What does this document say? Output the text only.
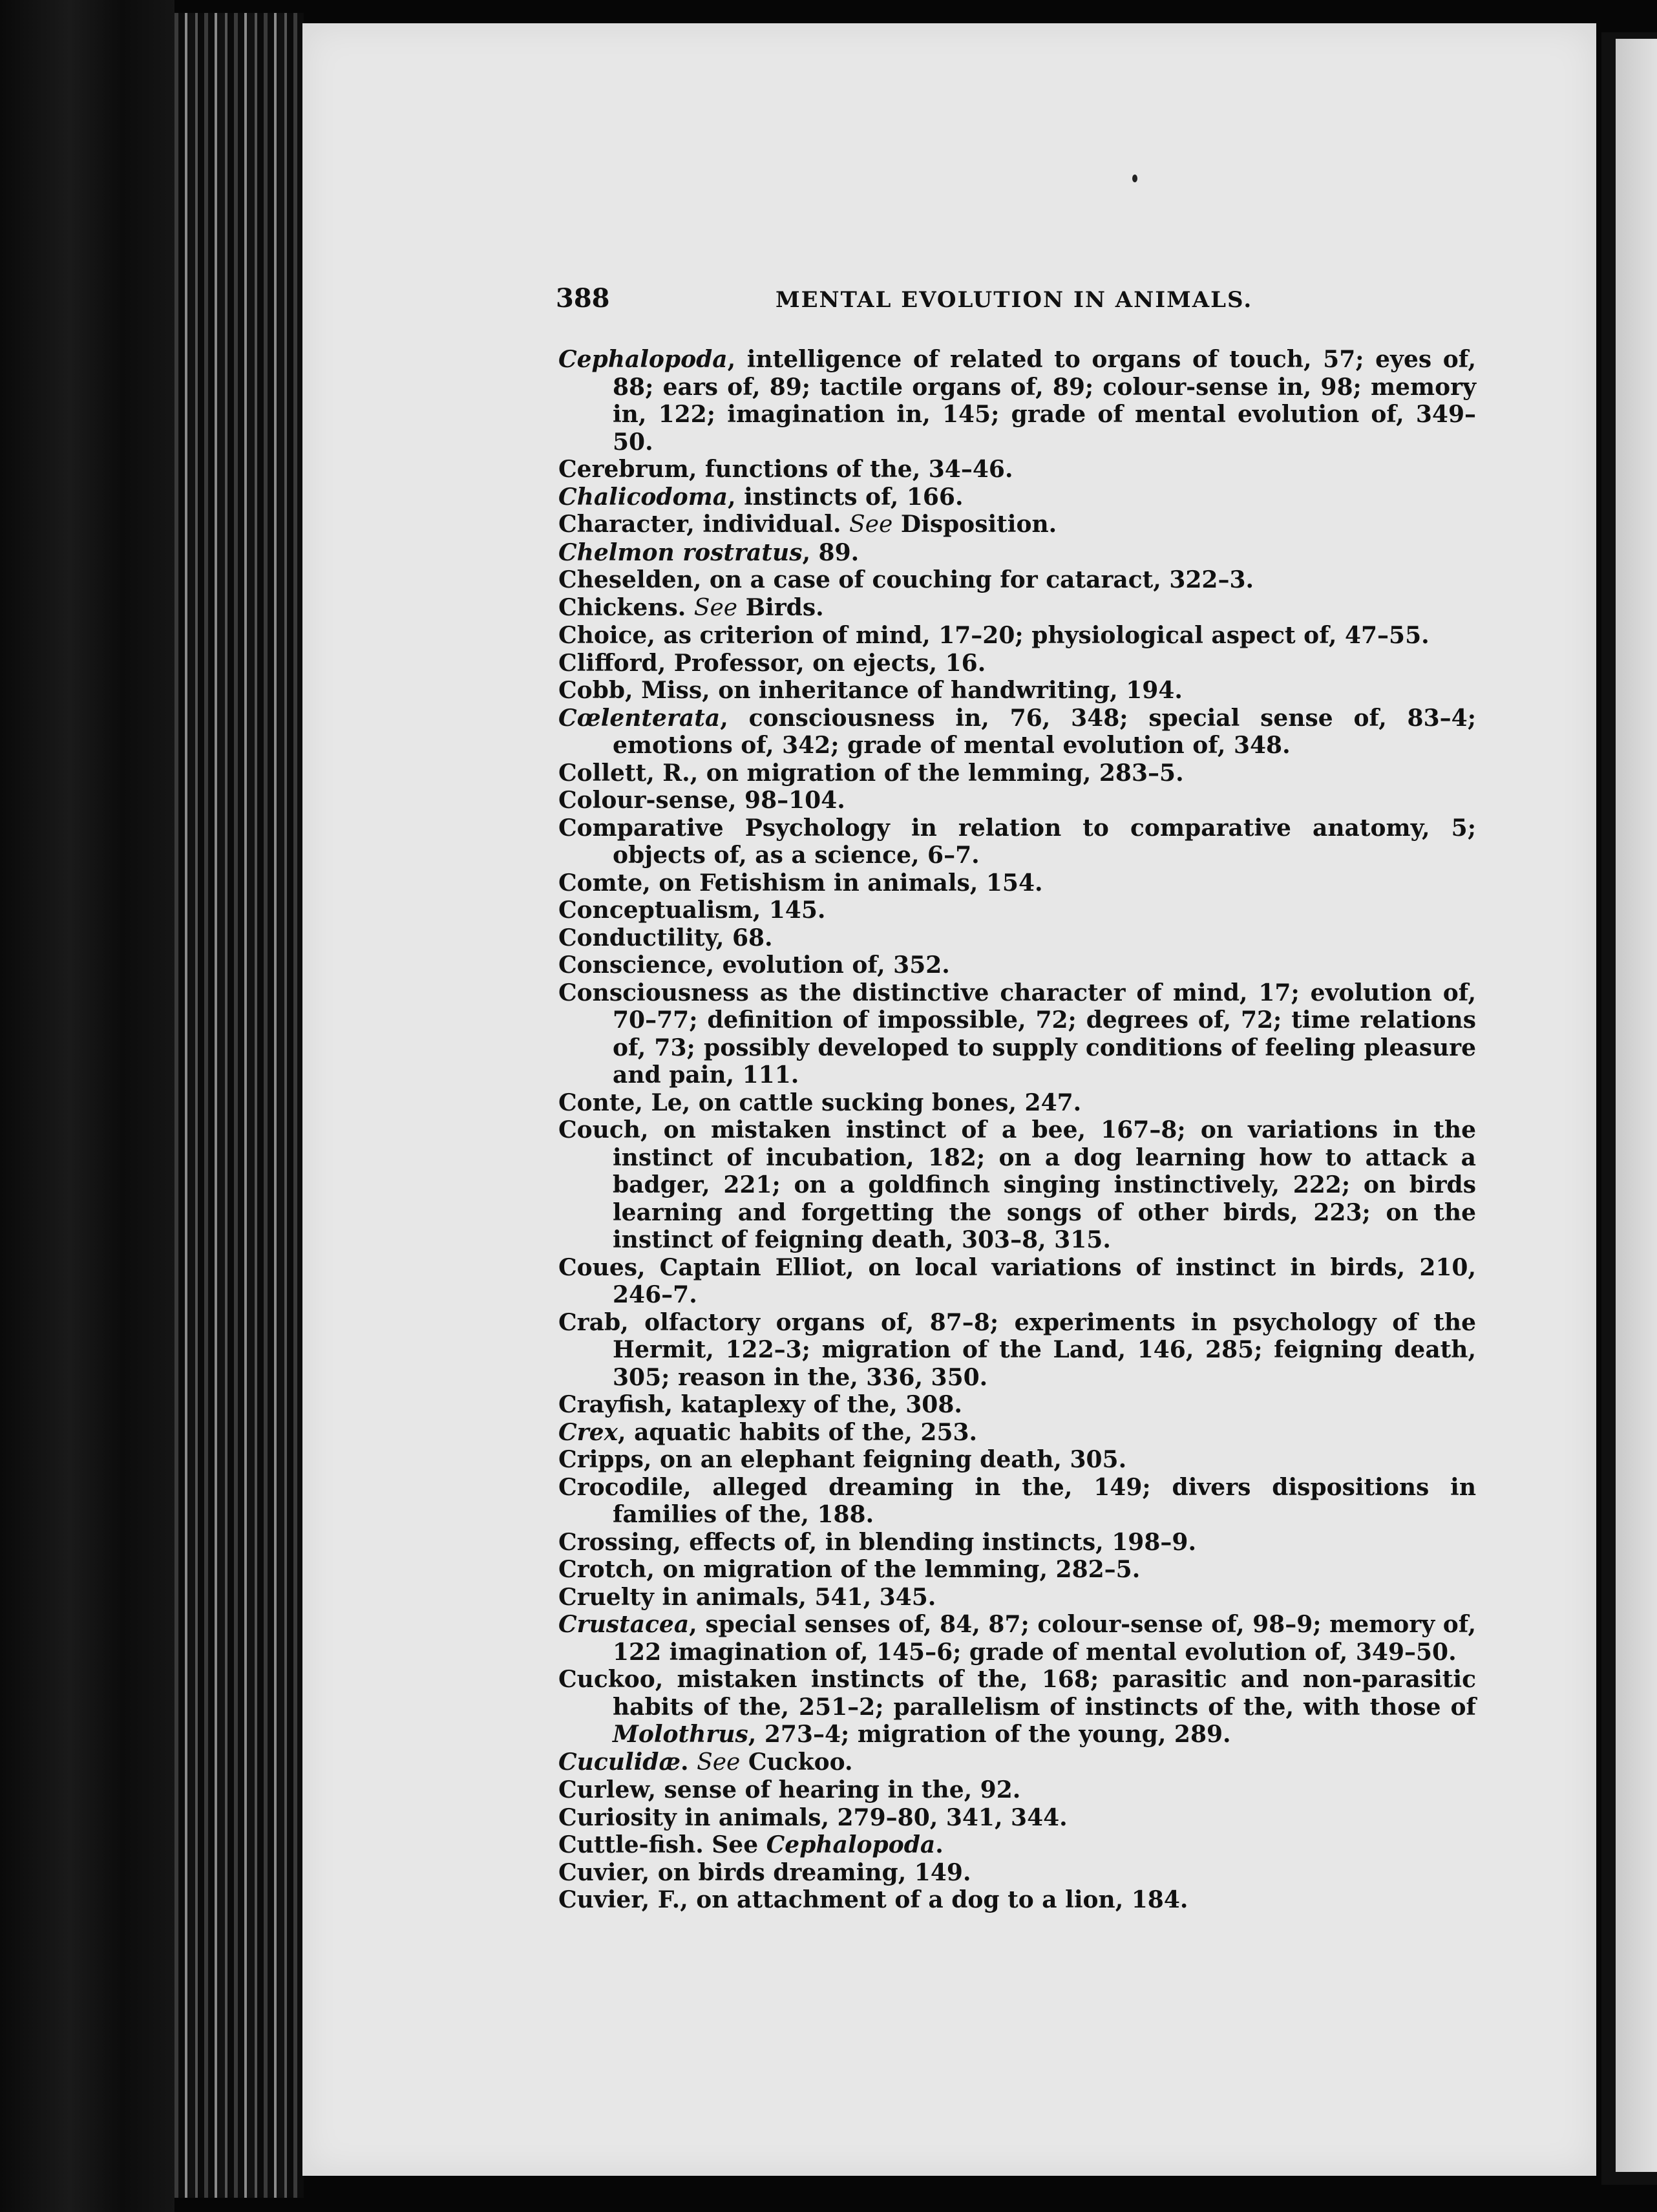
388	MENTAL EVOLUTION IN ANIMALS.

Cephalopoda, intelligence of related to organs of touch, 57; eyes of, 88; ears of, 89; tactile organs of, 89; colour-sense in, 98; memory in, 122; imagination in, 145; grade of mental evolution of, 349–50.

Cerebrum, functions of the, 34–46.

Chalicodoma, instincts of, 166.

Character, individual. See Disposition.

Chelmon rostratus, 89.

Cheselden, on a case of couching for cataract, 322–3.

Chickens. See Birds.

Choice, as criterion of mind, 17–20; physiological aspect of, 47–55.

Clifford, Professor, on ejects, 16.

Cobb, Miss, on inheritance of handwriting, 194.

Cœlenterata, consciousness in, 76, 348; special sense of, 83–4; emotions of, 342; grade of mental evolution of, 348.

Collett, R., on migration of the lemming, 283–5.

Colour-sense, 98–104.

Comparative Psychology in relation to comparative anatomy, 5; objects of, as a science, 6–7.

Comte, on Fetishism in animals, 154.

Conceptualism, 145.

Conductility, 68.

Conscience, evolution of, 352.

Consciousness as the distinctive character of mind, 17; evolution of, 70–77; definition of impossible, 72; degrees of, 72; time relations of, 73; possibly developed to supply conditions of feeling pleasure and pain, 111.

Conte, Le, on cattle sucking bones, 247.

Couch, on mistaken instinct of a bee, 167–8; on variations in the instinct of incubation, 182; on a dog learning how to attack a badger, 221; on a goldfinch singing instinctively, 222; on birds learning and forgetting the songs of other birds, 223; on the instinct of feigning death, 303–8, 315.

Coues, Captain Elliot, on local variations of instinct in birds, 210, 246–7.

Crab, olfactory organs of, 87–8; experiments in psychology of the Hermit, 122–3; migration of the Land, 146, 285; feigning death, 305; reason in the, 336, 350.

Crayfish, kataplexy of the, 308.

Crex, aquatic habits of the, 253.

Cripps, on an elephant feigning death, 305.

Crocodile, alleged dreaming in the, 149; divers dispositions in families of the, 188.

Crossing, effects of, in blending instincts, 198–9.

Crotch, on migration of the lemming, 282–5.

Cruelty in animals, 541, 345.

Crustacea, special senses of, 84, 87; colour-sense of, 98–9; memory of, 122 imagination of, 145–6; grade of mental evolution of, 349–50.

Cuckoo, mistaken instincts of the, 168; parasitic and non-parasitic habits of the, 251–2; parallelism of instincts of the, with those of Molothrus, 273–4; migration of the young, 289.

Cuculidæ. See Cuckoo.

Curlew, sense of hearing in the, 92.

Curiosity in animals, 279–80, 341, 344.

Cuttle-fish. See Cephalopoda.

Cuvier, on birds dreaming, 149.

Cuvier, F., on attachment of a dog to a lion, 184.
